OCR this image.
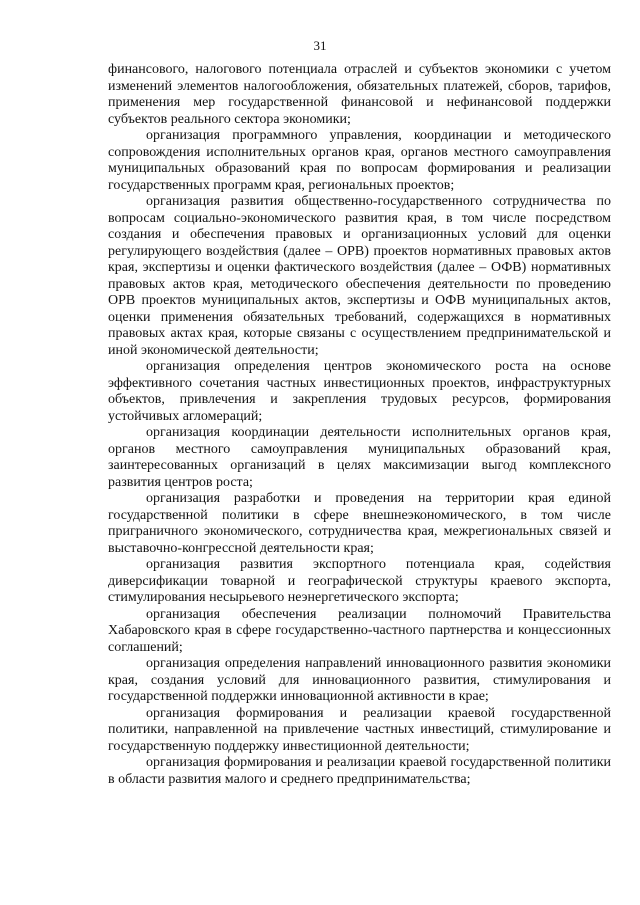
31

финансового, налогового потенциала отраслей и субъектов экономики с учетом изменений элементов налогообложения, обязательных платежей, сборов, тарифов, применения мер государственной финансовой и нефинансовой поддержки субъектов реального сектора экономики;

организация программного управления, координации и методического сопровождения исполнительных органов края, органов местного самоуправления муниципальных образований края по вопросам формирования и реализации государственных программ края, региональных проектов;

организация развития общественно-государственного сотрудничества по вопросам социально-экономического развития края, в том числе посредством создания и обеспечения правовых и организационных условий для оценки регулирующего воздействия (далее – ОРВ) проектов нормативных правовых актов края, экспертизы и оценки фактического воздействия (далее – ОФВ) нормативных правовых актов края, методического обеспечения деятельности по проведению ОРВ проектов муниципальных актов, экспертизы и ОФВ муниципальных актов, оценки применения обязательных требований, содержащихся в нормативных правовых актах края, которые связаны с осуществлением предпринимательской и иной экономической деятельности;

организация определения центров экономического роста на основе эффективного сочетания частных инвестиционных проектов, инфраструктурных объектов, привлечения и закрепления трудовых ресурсов, формирования устойчивых агломераций;

организация координации деятельности исполнительных органов края, органов местного самоуправления муниципальных образований края, заинтересованных организаций в целях максимизации выгод комплексного развития центров роста;

организация разработки и проведения на территории края единой государственной политики в сфере внешнеэкономического, в том числе приграничного экономического, сотрудничества края, межрегиональных связей и выставочно-конгрессной деятельности края;

организация развития экспортного потенциала края, содействия диверсификации товарной и географической структуры краевого экспорта, стимулирования несырьевого неэнергетического экспорта;

организация обеспечения реализации полномочий Правительства Хабаровского края в сфере государственно-частного партнерства и концессионных соглашений;

организация определения направлений инновационного развития экономики края, создания условий для инновационного развития, стимулирования и государственной поддержки инновационной активности в крае;

организация формирования и реализации краевой государственной политики, направленной на привлечение частных инвестиций, стимулирование и государственную поддержку инвестиционной деятельности;

организация формирования и реализации краевой государственной политики в области развития малого и среднего предпринимательства;
